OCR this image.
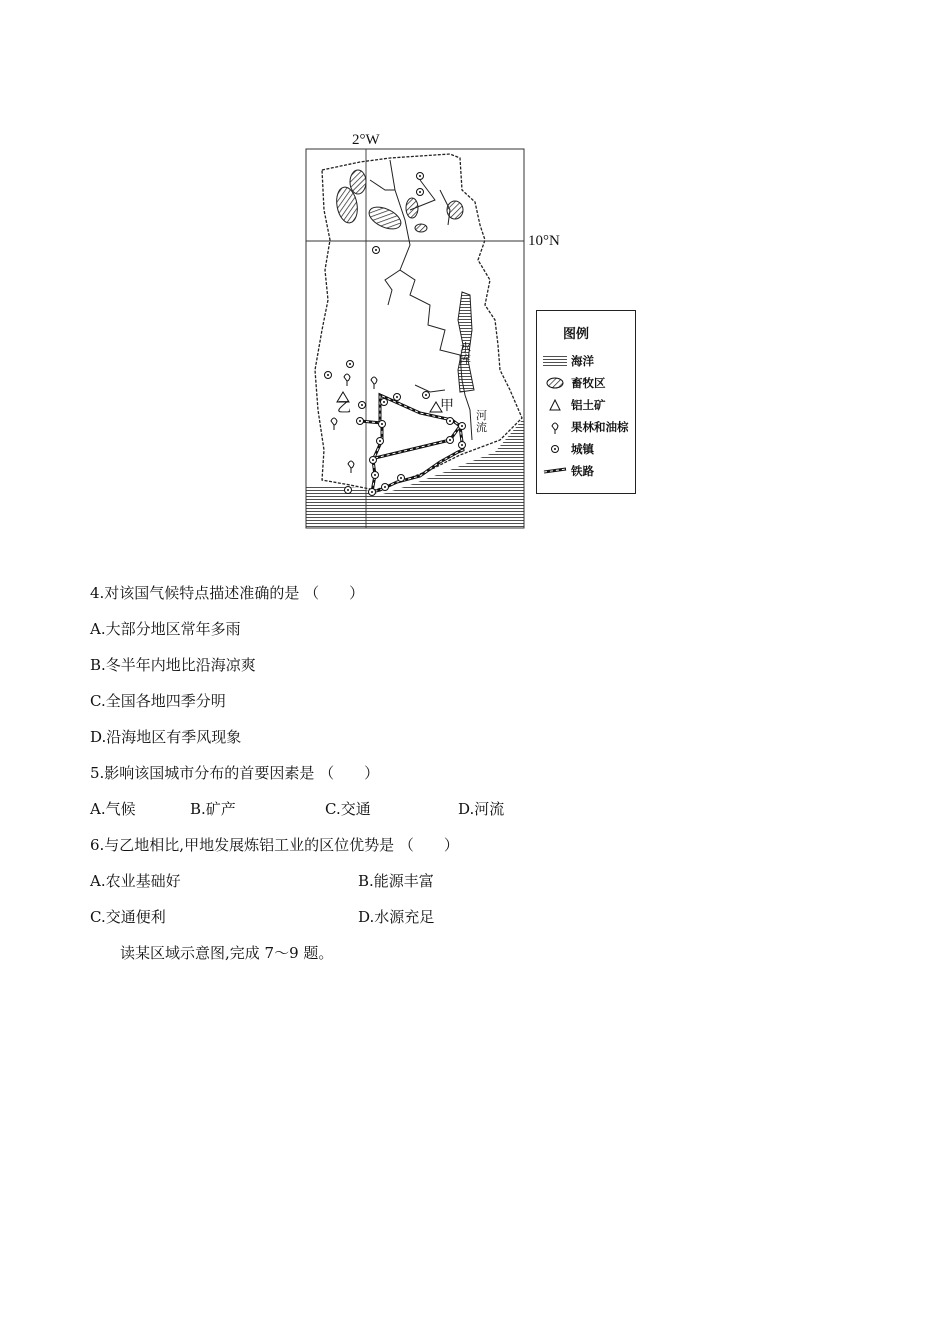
2°W
10°N
水
库
河
流
甲
乙
图例
海洋
畜牧区
铝土矿
果林和油棕
城镇
铁路
4.对该国气候特点描述准确的是 （　　）
A.大部分地区常年多雨
B.冬半年内地比沿海凉爽
C.全国各地四季分明
D.沿海地区有季风现象
5.影响该国城市分布的首要因素是 （　　）
A.气候	B.矿产	C.交通	D.河流
6.与乙地相比,甲地发展炼铝工业的区位优势是 （　　）
A.农业基础好	B.能源丰富
C.交通便利	D.水源充足
读某区域示意图,完成 7～9 题。
